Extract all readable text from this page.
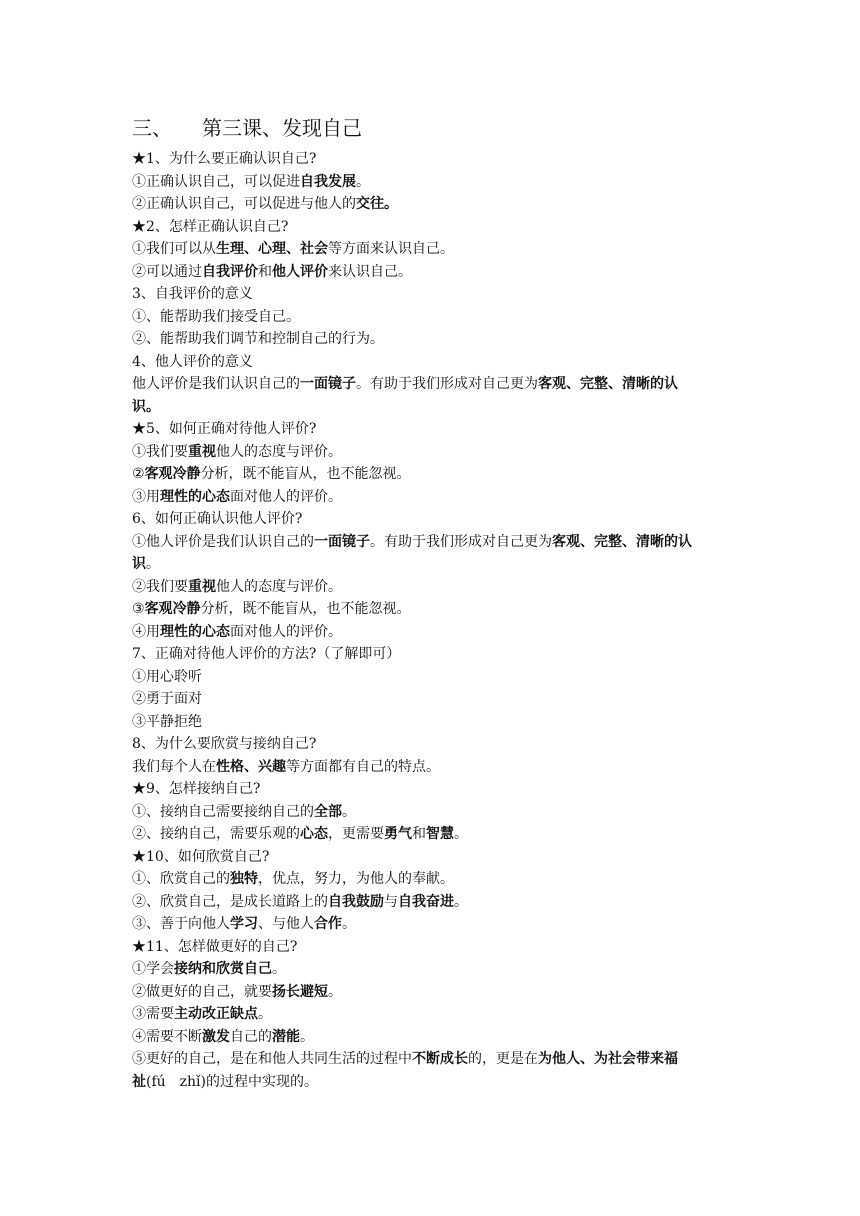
三、　　第三课、发现自己
★1、为什么要正确认识自己?
①正确认识自己，可以促进自我发展。
②正确认识自己，可以促进与他人的交往。
★2、怎样正确认识自己?
①我们可以从生理、心理、社会等方面来认识自己。
②可以通过自我评价和他人评价来认识自己。
3、自我评价的意义
①、能帮助我们接受自己。
②、能帮助我们调节和控制自己的行为。
4、他人评价的意义
他人评价是我们认识自己的一面镜子。有助于我们形成对自己更为客观、完整、清晰的认
识。
★5、如何正确对待他人评价?
①我们要重视他人的态度与评价。
②客观冷静分析，既不能盲从，也不能忽视。
③用理性的心态面对他人的评价。
6、如何正确认识他人评价?
①他人评价是我们认识自己的一面镜子。有助于我们形成对自己更为客观、完整、清晰的认
识。
②我们要重视他人的态度与评价。
③客观冷静分析，既不能盲从，也不能忽视。
④用理性的心态面对他人的评价。
7、正确对待他人评价的方法?（了解即可）
①用心聆听
②勇于面对
③平静拒绝
8、为什么要欣赏与接纳自己?
我们每个人在性格、兴趣等方面都有自己的特点。
★9、怎样接纳自己?
①、接纳自己需要接纳自己的全部。
②、接纳自己，需要乐观的心态，更需要勇气和智慧。
★10、如何欣赏自己?
①、欣赏自己的独特，优点，努力，为他人的奉献。
②、欣赏自己，是成长道路上的自我鼓励与自我奋进。
③、善于向他人学习、与他人合作。
★11、怎样做更好的自己?
①学会接纳和欣赏自己。
②做更好的自己，就要扬长避短。
③需要主动改正缺点。
④需要不断激发自己的潜能。
⑤更好的自己，是在和他人共同生活的过程中不断成长的，更是在为他人、为社会带来福
祉(fú　zhǐ)的过程中实现的。
